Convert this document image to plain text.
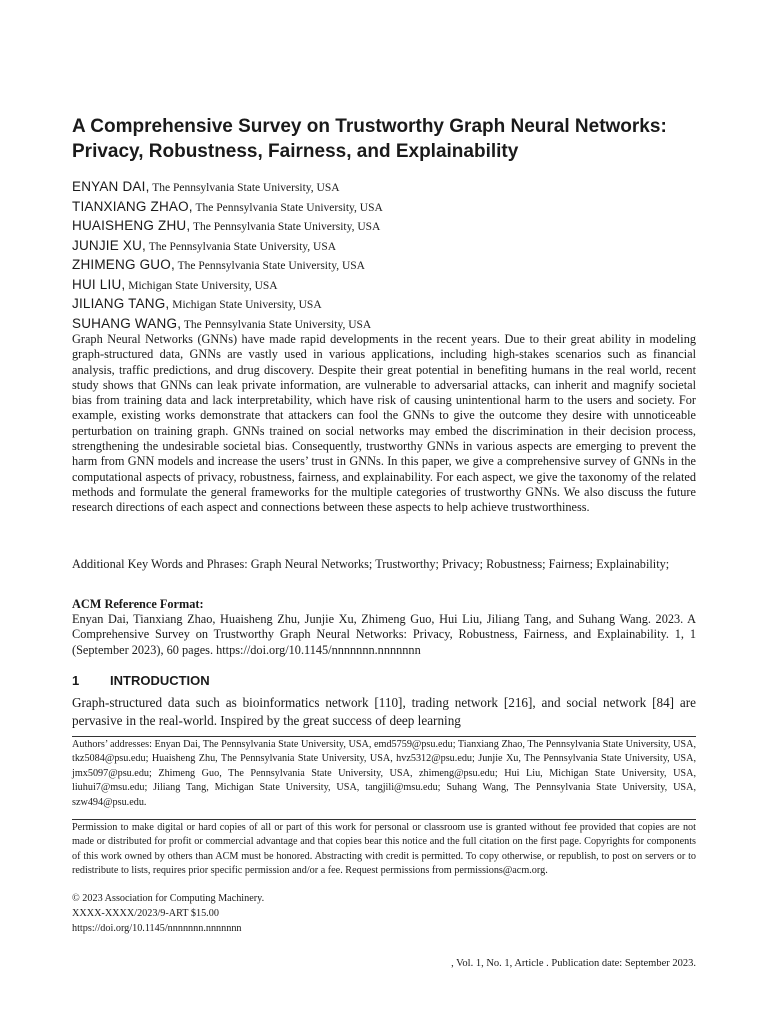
A Comprehensive Survey on Trustworthy Graph Neural Networks: Privacy, Robustness, Fairness, and Explainability
ENYAN DAI, The Pennsylvania State University, USA
TIANXIANG ZHAO, The Pennsylvania State University, USA
HUAISHENG ZHU, The Pennsylvania State University, USA
JUNJIE XU, The Pennsylvania State University, USA
ZHIMENG GUO, The Pennsylvania State University, USA
HUI LIU, Michigan State University, USA
JILIANG TANG, Michigan State University, USA
SUHANG WANG, The Pennsylvania State University, USA

Graph Neural Networks (GNNs) have made rapid developments in the recent years. Due to their great ability in modeling graph-structured data, GNNs are vastly used in various applications, including high-stakes scenarios such as financial analysis, traffic predictions, and drug discovery. Despite their great potential in benefiting humans in the real world, recent study shows that GNNs can leak private information, are vulnerable to adversarial attacks, can inherit and magnify societal bias from training data and lack interpretability, which have risk of causing unintentional harm to the users and society. For example, existing works demonstrate that attackers can fool the GNNs to give the outcome they desire with unnoticeable perturbation on training graph. GNNs trained on social networks may embed the discrimination in their decision process, strengthening the undesirable societal bias. Consequently, trustworthy GNNs in various aspects are emerging to prevent the harm from GNN models and increase the users’ trust in GNNs. In this paper, we give a comprehensive survey of GNNs in the computational aspects of privacy, robustness, fairness, and explainability. For each aspect, we give the taxonomy of the related methods and formulate the general frameworks for the multiple categories of trustworthy GNNs. We also discuss the future research directions of each aspect and connections between these aspects to help achieve trustworthiness.

Additional Key Words and Phrases: Graph Neural Networks; Trustworthy; Privacy; Robustness; Fairness; Explainability;

ACM Reference Format:

Enyan Dai, Tianxiang Zhao, Huaisheng Zhu, Junjie Xu, Zhimeng Guo, Hui Liu, Jiliang Tang, and Suhang Wang. 2023. A Comprehensive Survey on Trustworthy Graph Neural Networks: Privacy, Robustness, Fairness, and Explainability. 1, 1 (September 2023), 60 pages. https://doi.org/10.1145/nnnnnnn.nnnnnnn

1 INTRODUCTION

Graph-structured data such as bioinformatics network [110], trading network [216], and social network [84] are pervasive in the real-world. Inspired by the great success of deep learning

Authors’ addresses: Enyan Dai, The Pennsylvania State University, USA, emd5759@psu.edu; Tianxiang Zhao, The Pennsylvania State University, USA, tkz5084@psu.edu; Huaisheng Zhu, The Pennsylvania State University, USA, hvz5312@psu.edu; Junjie Xu, The Pennsylvania State University, USA, jmx5097@psu.edu; Zhimeng Guo, The Pennsylvania State University, USA, zhimeng@psu.edu; Hui Liu, Michigan State University, USA, liuhui7@msu.edu; Jiliang Tang, Michigan State University, USA, tangjili@msu.edu; Suhang Wang, The Pennsylvania State University, USA, szw494@psu.edu.

Permission to make digital or hard copies of all or part of this work for personal or classroom use is granted without fee provided that copies are not made or distributed for profit or commercial advantage and that copies bear this notice and the full citation on the first page. Copyrights for components of this work owned by others than ACM must be honored. Abstracting with credit is permitted. To copy otherwise, or republish, to post on servers or to redistribute to lists, requires prior specific permission and/or a fee. Request permissions from permissions@acm.org.

© 2023 Association for Computing Machinery.

XXXX-XXXX/2023/9-ART $15.00

https://doi.org/10.1145/nnnnnnn.nnnnnnn

, Vol. 1, No. 1, Article . Publication date: September 2023.
